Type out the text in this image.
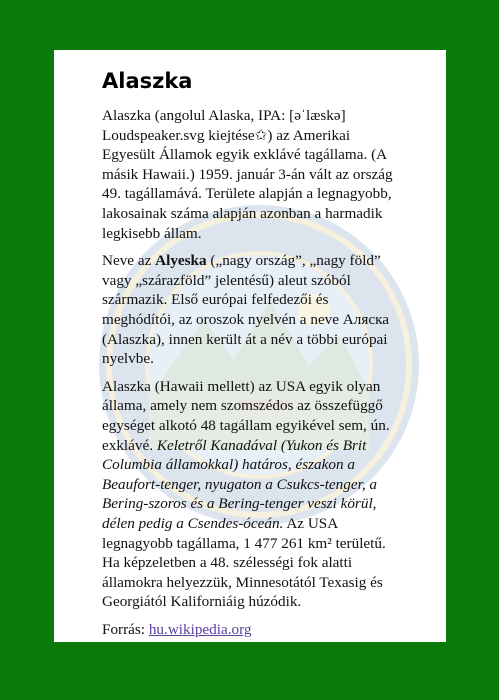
Alaszka

Alaszka (angolul Alaska, IPA: [əˈlæskə] Loudspeaker.svg kiejtése✩) az Amerikai Egyesült Államok egyik exklávé tagállama. (A másik Hawaii.) 1959. január 3-án vált az ország 49. tagállamává. Területe alapján a legnagyobb, lakosainak száma alapján azonban a harmadik legkisebb állam.

Neve az Alyeska („nagy ország”, „nagy föld” vagy „szárazföld” jelentésű) aleut szóból származik. Első európai felfedezői és meghódítói, az oroszok nyelvén a neve Аляска (Alaszka), innen került át a név a többi európai nyelvbe.

Alaszka (Hawaii mellett) az USA egyik olyan állama, amely nem szomszédos az összefüggő egységet alkotó 48 tagállam egyikével sem, ún. exklávé. Keletről Kanadával (Yukon és Brit Columbia államokkal) határos, északon a Beaufort-tenger, nyugaton a Csukcs-tenger, a Bering-szoros és a Bering-tenger veszi körül, délen pedig a Csendes-óceán. Az USA legnagyobb tagállama, 1 477 261 km² területű. Ha képzeletben a 48. szélességi fok alatti államokra helyezzük, Minnesotától Texasig és Georgiától Kaliforniáig húzódik.

Forrás: hu.wikipedia.org
